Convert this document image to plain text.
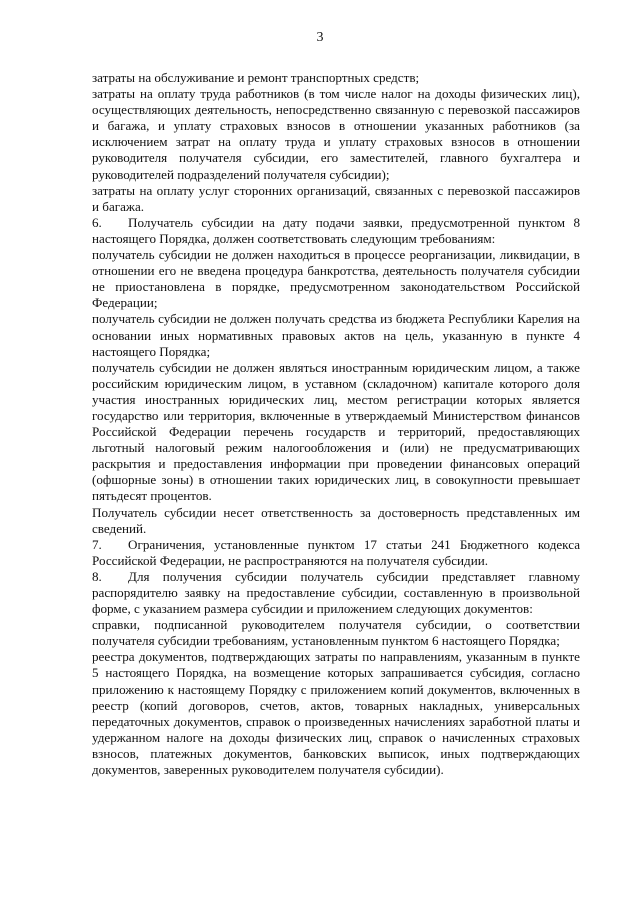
3

затраты на обслуживание и ремонт транспортных средств;

затраты на оплату труда работников (в том числе налог на доходы физических лиц), осуществляющих деятельность, непосредственно связанную с перевозкой пассажиров и багажа, и уплату страховых взносов в отношении указанных работников (за исключением затрат на оплату труда и уплату страховых взносов в отношении руководителя получателя субсидии, его заместителей, главного бухгалтера и руководителей подразделений получателя субсидии);

затраты на оплату услуг сторонних организаций, связанных с перевозкой пассажиров и багажа.

6.  Получатель субсидии на дату подачи заявки, предусмотренной пунктом 8 настоящего Порядка, должен соответствовать следующим требованиям:

получатель субсидии не должен находиться в процессе реорганизации, ликвидации, в отношении его не введена процедура банкротства, деятельность получателя субсидии не приостановлена в порядке, предусмотренном законодательством Российской Федерации;

получатель субсидии не должен получать средства из бюджета Республики Карелия на основании иных нормативных правовых актов на цель, указанную в пункте 4 настоящего Порядка;

получатель субсидии не должен являться иностранным юридическим лицом, а также российским юридическим лицом, в уставном (складочном) капитале которого доля участия иностранных юридических лиц, местом регистрации которых является государство или территория, включенные в утверждаемый Министерством финансов Российской Федерации перечень государств и территорий, предоставляющих льготный налоговый режим налогообложения и (или) не предусматривающих раскрытия и предоставления информации при проведении финансовых операций (офшорные зоны) в отношении таких юридических лиц, в совокупности превышает пятьдесят процентов.

Получатель субсидии несет ответственность за достоверность представленных им сведений.

7.  Ограничения, установленные пунктом 17 статьи 241 Бюджетного кодекса Российской Федерации, не распространяются на получателя субсидии.

8.  Для получения субсидии получатель субсидии представляет главному распорядителю заявку на предоставление субсидии, составленную в произвольной форме, с указанием размера субсидии и приложением следующих документов:

справки, подписанной руководителем получателя субсидии, о соответствии получателя субсидии требованиям, установленным пунктом 6 настоящего Порядка;

реестра документов, подтверждающих затраты по направлениям, указанным в пункте 5 настоящего Порядка, на возмещение которых запрашивается субсидия, согласно приложению к настоящему Порядку с приложением копий документов, включенных в реестр (копий договоров, счетов, актов, товарных накладных, универсальных передаточных документов, справок о произведенных начислениях заработной платы и удержанном налоге на доходы физических лиц, справок о начисленных страховых взносов, платежных документов, банковских выписок, иных подтверждающих документов, заверенных руководителем получателя субсидии).
